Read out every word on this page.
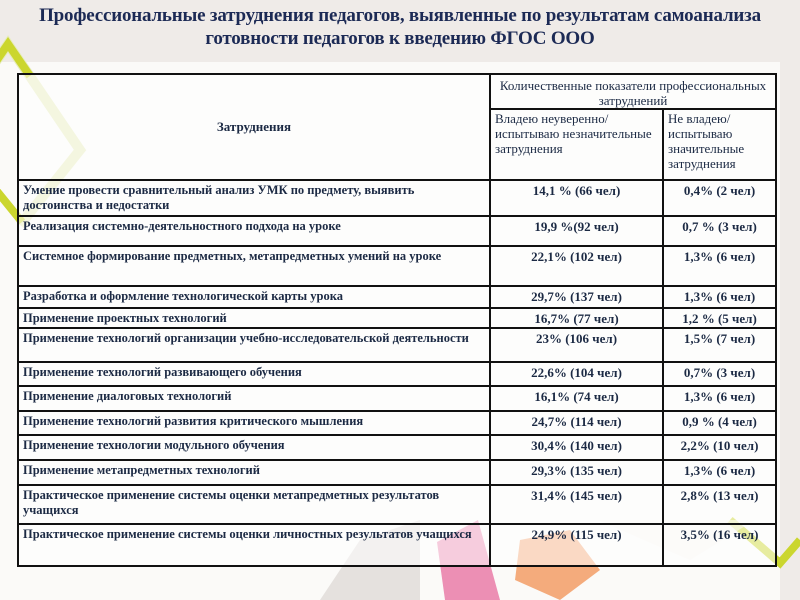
Профессиональные затруднения педагогов, выявленные по результатам самоанализа
готовности педагогов к введению ФГОС ООО
Затруднения	Количественные показатели профессиональных затруднений	
	Владею неуверенно/ испытываю незначительные затруднения	Не владею/ испытываю значительные затруднения
Умение провести сравнительный анализ УМК по предмету, выявить достоинства и недостатки	14,1 % (66 чел)	0,4% (2 чел)
Реализация системно-деятельностного подхода на уроке	19,9 %(92 чел)	0,7 % (3 чел)
Системное формирование предметных, метапредметных умений на уроке	22,1% (102 чел)	1,3% (6 чел)
Разработка и оформление технологической карты урока	29,7% (137 чел)	1,3% (6 чел)
Применение проектных технологий	16,7% (77 чел)	1,2 % (5 чел)
Применение технологий организации учебно-исследовательской деятельности	23% (106 чел)	1,5% (7 чел)
Применение технологий развивающего обучения	22,6% (104 чел)	0,7% (3 чел)
Применение диалоговых технологий	16,1% (74 чел)	1,3% (6 чел)
Применение технологий развития критического мышления	24,7% (114 чел)	0,9 % (4 чел)
Применение технологии модульного обучения	30,4% (140 чел)	2,2% (10 чел)
Применение метапредметных технологий	29,3% (135 чел)	1,3% (6 чел)
Практическое применение системы оценки метапредметных результатов учащихся	31,4% (145 чел)	2,8% (13 чел)
Практическое применение системы оценки личностных результатов учащихся	24,9% (115 чел)	3,5% (16 чел)
